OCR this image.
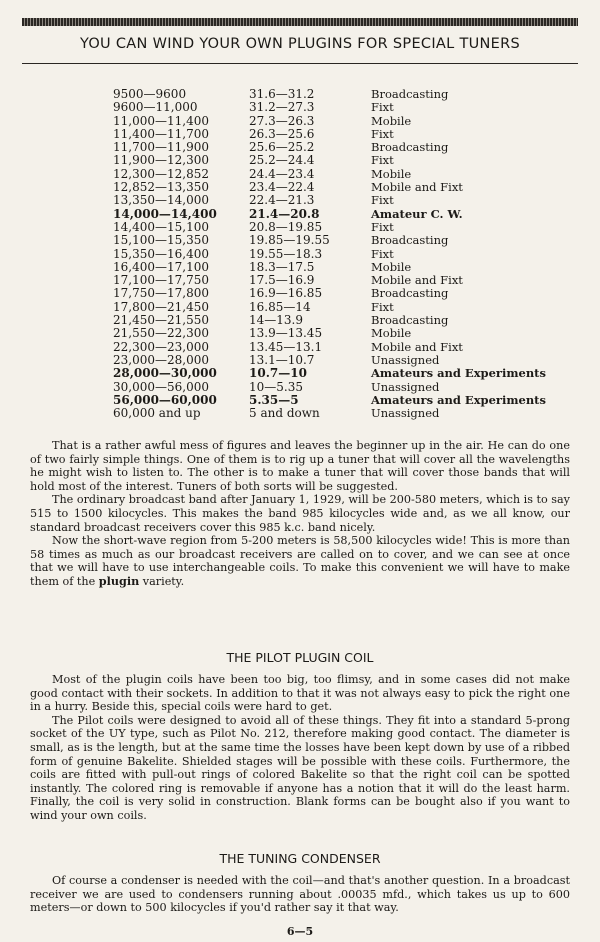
YOU CAN WIND YOUR OWN PLUGINS FOR SPECIAL TUNERS
9500—9600	31.6—31.2	Broadcasting
9600—11,000	31.2—27.3	Fixt
11,000—11,400	27.3—26.3	Mobile
11,400—11,700	26.3—25.6	Fixt
11,700—11,900	25.6—25.2	Broadcasting
11,900—12,300	25.2—24.4	Fixt
12,300—12,852	24.4—23.4	Mobile
12,852—13,350	23.4—22.4	Mobile and Fixt
13,350—14,000	22.4—21.3	Fixt
14,000—14,400	21.4—20.8	Amateur C. W.
14,400—15,100	20.8—19.85	Fixt
15,100—15,350	19.85—19.55	Broadcasting
15,350—16,400	19.55—18.3	Fixt
16,400—17,100	18.3—17.5	Mobile
17,100—17,750	17.5—16.9	Mobile and Fixt
17,750—17,800	16.9—16.85	Broadcasting
17,800—21,450	16.85—14	Fixt
21,450—21,550	14—13.9	Broadcasting
21,550—22,300	13.9—13.45	Mobile
22,300—23,000	13.45—13.1	Mobile and Fixt
23,000—28,000	13.1—10.7	Unassigned
28,000—30,000	10.7—10	Amateurs and Experiments
30,000—56,000	10—5.35	Unassigned
56,000—60,000	5.35—5	Amateurs and Experiments
60,000 and up	5 and down	Unassigned

That is a rather awful mess of figures and leaves the beginner up in the air. He can do one of two fairly simple things. One of them is to rig up a tuner that will cover all the wavelengths he might wish to listen to. The other is to make a tuner that will cover those bands that will hold most of the interest. Tuners of both sorts will be suggested.

The ordinary broadcast band after January 1, 1929, will be 200-580 meters, which is to say 515 to 1500 kilocycles. This makes the band 985 kilocycles wide and, as we all know, our standard broadcast receivers cover this 985 k.c. band nicely.

Now the short-wave region from 5-200 meters is 58,500 kilocycles wide! This is more than 58 times as much as our broadcast receivers are called on to cover, and we can see at once that we will have to use interchangeable coils. To make this convenient we will have to make them of the plugin variety.

THE PILOT PLUGIN COIL

Most of the plugin coils have been too big, too flimsy, and in some cases did not make good contact with their sockets. In addition to that it was not always easy to pick the right one in a hurry. Beside this, special coils were hard to get.

The Pilot coils were designed to avoid all of these things. They fit into a standard 5-prong socket of the UY type, such as Pilot No. 212, therefore making good contact. The diameter is small, as is the length, but at the same time the losses have been kept down by use of a ribbed form of genuine Bakelite. Shielded stages will be possible with these coils. Furthermore, the coils are fitted with pull-out rings of colored Bakelite so that the right coil can be spotted instantly. The colored ring is removable if anyone has a notion that it will do the least harm. Finally, the coil is very solid in construction. Blank forms can be bought also if you want to wind your own coils.

THE TUNING CONDENSER

Of course a condenser is needed with the coil—and that's another question. In a broadcast receiver we are used to condensers running about .00035 mfd., which takes us up to 600 meters—or down to 500 kilocycles if you'd rather say it that way.

6—5
